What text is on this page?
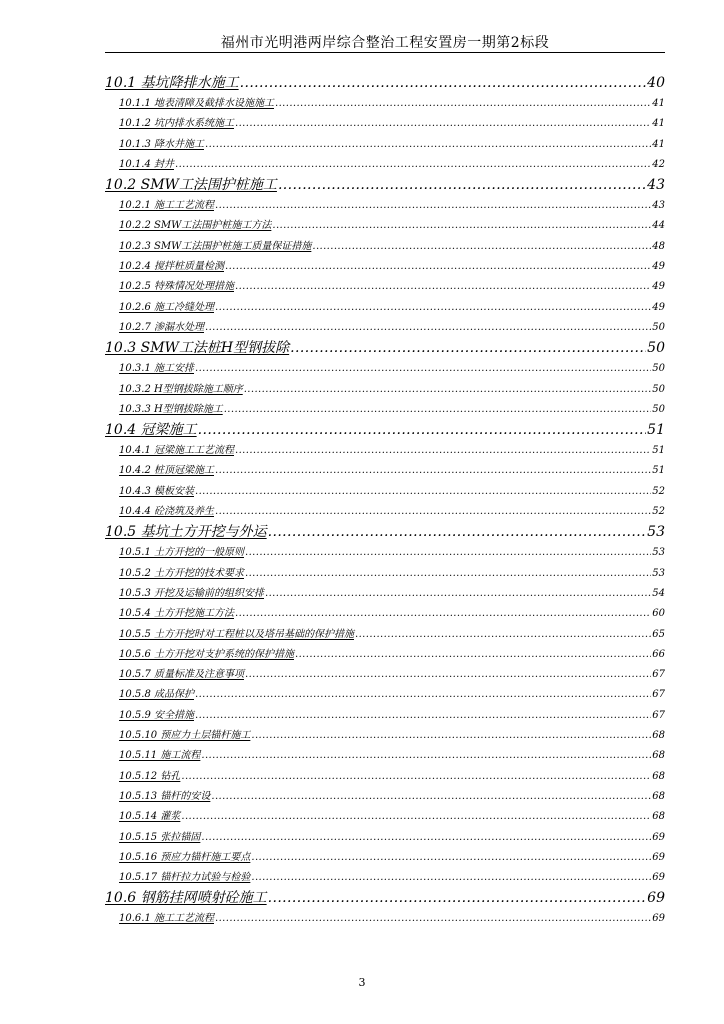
福州市光明港两岸综合整治工程安置房一期第2标段
10.1 基坑降排水施工 .....	40
10.1.1 地表清障及截排水设施施工 .....	41
10.1.2 坑内排水系统施工 .....	41
10.1.3 降水井施工 .....	41
10.1.4 封井 .....	42
10.2 SMW工法围护桩施工 .....	43
10.2.1 施工工艺流程 .....	43
10.2.2 SMW工法围护桩施工方法 .....	44
10.2.3 SMW工法围护桩施工质量保证措施 .....	48
10.2.4 搅拌桩质量检测 .....	49
10.2.5 特殊情况处理措施 .....	49
10.2.6 施工冷缝处理 .....	49
10.2.7 渗漏水处理 .....	50
10.3 SMW工法桩H型钢拔除 .....	50
10.3.1 施工安排 .....	50
10.3.2 H型钢拔除施工顺序 .....	50
10.3.3 H型钢拔除施工 .....	50
10.4 冠梁施工 .....	51
10.4.1 冠梁施工工艺流程 .....	51
10.4.2 桩顶冠梁施工 .....	51
10.4.3 模板安装 .....	52
10.4.4 砼浇筑及养生 .....	52
10.5 基坑土方开挖与外运 .....	53
10.5.1 土方开挖的一般原则 .....	53
10.5.2 土方开挖的技术要求 .....	53
10.5.3 开挖及运输前的组织安排 .....	54
10.5.4 土方开挖施工方法 .....	60
10.5.5 土方开挖时对工程桩以及塔吊基础的保护措施 .....	65
10.5.6 土方开挖对支护系统的保护措施 .....	66
10.5.7 质量标准及注意事项 .....	67
10.5.8 成品保护 .....	67
10.5.9 安全措施 .....	67
10.5.10 预应力土层锚杆施工 .....	68
10.5.11 施工流程 .....	68
10.5.12 钻孔 .....	68
10.5.13 锚杆的安设 .....	68
10.5.14 灌浆 .....	68
10.5.15 张拉锚固 .....	69
10.5.16 预应力锚杆施工要点 .....	69
10.5.17 锚杆拉力试验与检验 .....	69
10.6 钢筋挂网喷射砼施工 .....	69
10.6.1 施工工艺流程 .....	69
3
